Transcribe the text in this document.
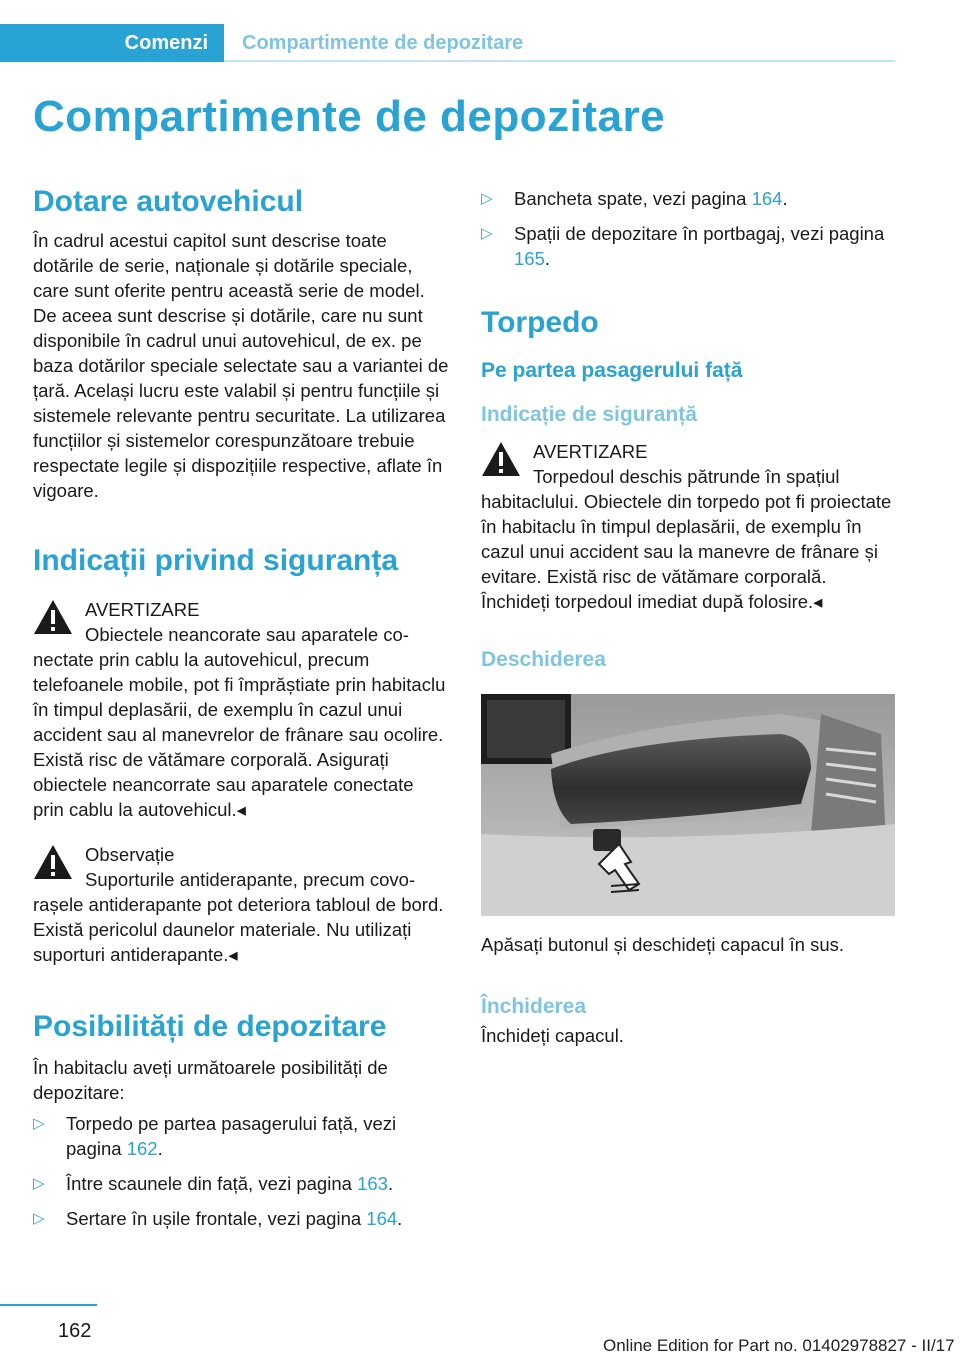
Comenzi	Compartimente de depozitare
Compartimente de depozitare
Dotare autovehicul

În cadrul acestui capitol sunt descrise toate dotările de serie, naționale și dotările speciale, care sunt oferite pentru această serie de model. De aceea sunt descrise și dotările, care nu sunt disponibile în cadrul unui autovehicul, de ex. pe baza dotărilor speciale selectate sau a variantei de țară. Același lucru este valabil și pentru funcțiile și sistemele relevante pentru securitate. La utilizarea funcțiilor și sistemelor corespunzătoare trebuie respectate legile și dispozițiile respective, aflate în vigoare.

Indicații privind siguranța
AVERTIZARE
Obiectele neancorate sau aparatele co-

nectate prin cablu la autovehicul, precum telefoanele mobile, pot fi împrăștiate prin habitaclu în timpul deplasării, de exemplu în cazul unui accident sau al manevrelor de frânare sau ocolire. Există risc de vătămare corporală. Asigurați obiectele neancorrate sau aparatele conectate prin cablu la autovehicul.◂

Observație
Suporturile antiderapante, precum covo-

rașele antiderapante pot deteriora tabloul de bord. Există pericolul daunelor materiale. Nu utilizați suporturi antiderapante.◂

Posibilități de depozitare

În habitaclu aveți următoarele posibilități de depozitare:

▷ Torpedo pe partea pasagerului față, vezi pagina 162.
▷ Între scaunele din față, vezi pagina 163.
▷ Sertare în ușile frontale, vezi pagina 164.
▷ Bancheta spate, vezi pagina 164.
▷ Spații de depozitare în portbagaj, vezi pagina 165.
Torpedo
Pe partea pasagerului față
Indicație de siguranță
AVERTIZARE
Torpedoul deschis pătrunde în spațiul

habitaclului. Obiectele din torpedo pot fi proiectate în habitaclu în timpul deplasării, de exemplu în cazul unui accident sau la manevre de frânare și evitare. Există risc de vătămare corporală. Închideți torpedoul imediat după folosire.◂

Deschiderea

Apăsați butonul și deschideți capacul în sus.

Închiderea

Închideți capacul.

162
Online Edition for Part no. 01402978827 - II/17
